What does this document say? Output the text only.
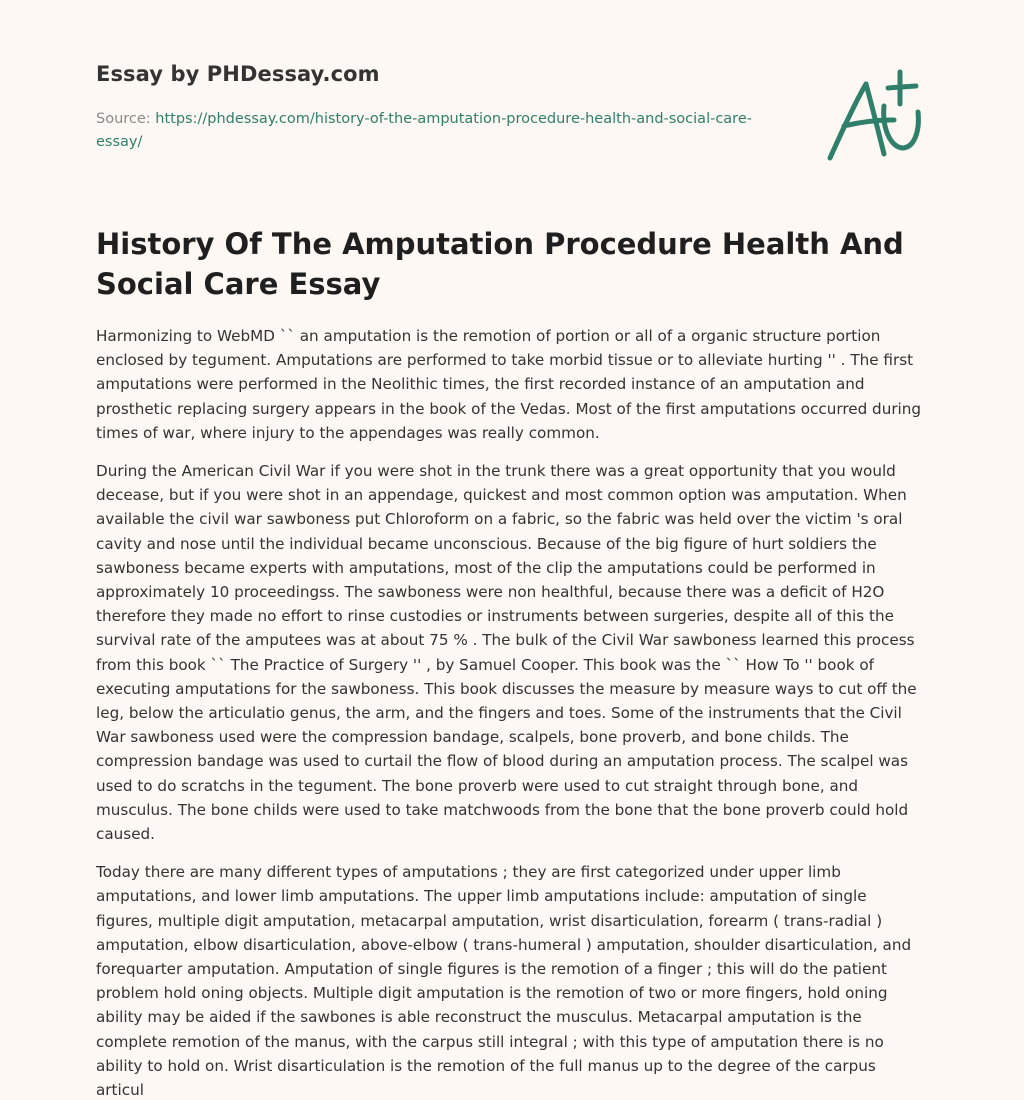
Essay by PHDessay.com
Source: https://phdessay.com/history-of-the-amputation-procedure-health-and-social-care-essay/
History Of The Amputation Procedure Health And Social Care Essay

Harmonizing to WebMD `` an amputation is the remotion of portion or all of a organic structure portion enclosed by tegument. Amputations are performed to take morbid tissue or to alleviate hurting '' . The first amputations were performed in the Neolithic times, the first recorded instance of an amputation and prosthetic replacing surgery appears in the book of the Vedas. Most of the first amputations occurred during times of war, where injury to the appendages was really common.

During the American Civil War if you were shot in the trunk there was a great opportunity that you would decease, but if you were shot in an appendage, quickest and most common option was amputation. When available the civil war sawboness put Chloroform on a fabric, so the fabric was held over the victim 's oral cavity and nose until the individual became unconscious. Because of the big figure of hurt soldiers the sawboness became experts with amputations, most of the clip the amputations could be performed in approximately 10 proceedingss. The sawboness were non healthful, because there was a deficit of H2O therefore they made no effort to rinse custodies or instruments between surgeries, despite all of this the survival rate of the amputees was at about 75 % . The bulk of the Civil War sawboness learned this process from this book `` The Practice of Surgery '' , by Samuel Cooper. This book was the `` How To '' book of executing amputations for the sawboness. This book discusses the measure by measure ways to cut off the leg, below the articulatio genus, the arm, and the fingers and toes. Some of the instruments that the Civil War sawboness used were the compression bandage, scalpels, bone proverb, and bone childs. The compression bandage was used to curtail the flow of blood during an amputation process. The scalpel was used to do scratchs in the tegument. The bone proverb were used to cut straight through bone, and musculus. The bone childs were used to take matchwoods from the bone that the bone proverb could hold caused.

Today there are many different types of amputations ; they are first categorized under upper limb amputations, and lower limb amputations. The upper limb amputations include: amputation of single figures, multiple digit amputation, metacarpal amputation, wrist disarticulation, forearm ( trans-radial ) amputation, elbow disarticulation, above-elbow ( trans-humeral ) amputation, shoulder disarticulation, and forequarter amputation. Amputation of single figures is the remotion of a finger ; this will do the patient problem hold oning objects. Multiple digit amputation is the remotion of two or more fingers, hold oning ability may be aided if the sawbones is able reconstruct the musculus. Metacarpal amputation is the complete remotion of the manus, with the carpus still integral ; with this type of amputation there is no ability to hold on. Wrist disarticulation is the remotion of the full manus up to the degree of the carpus articul
